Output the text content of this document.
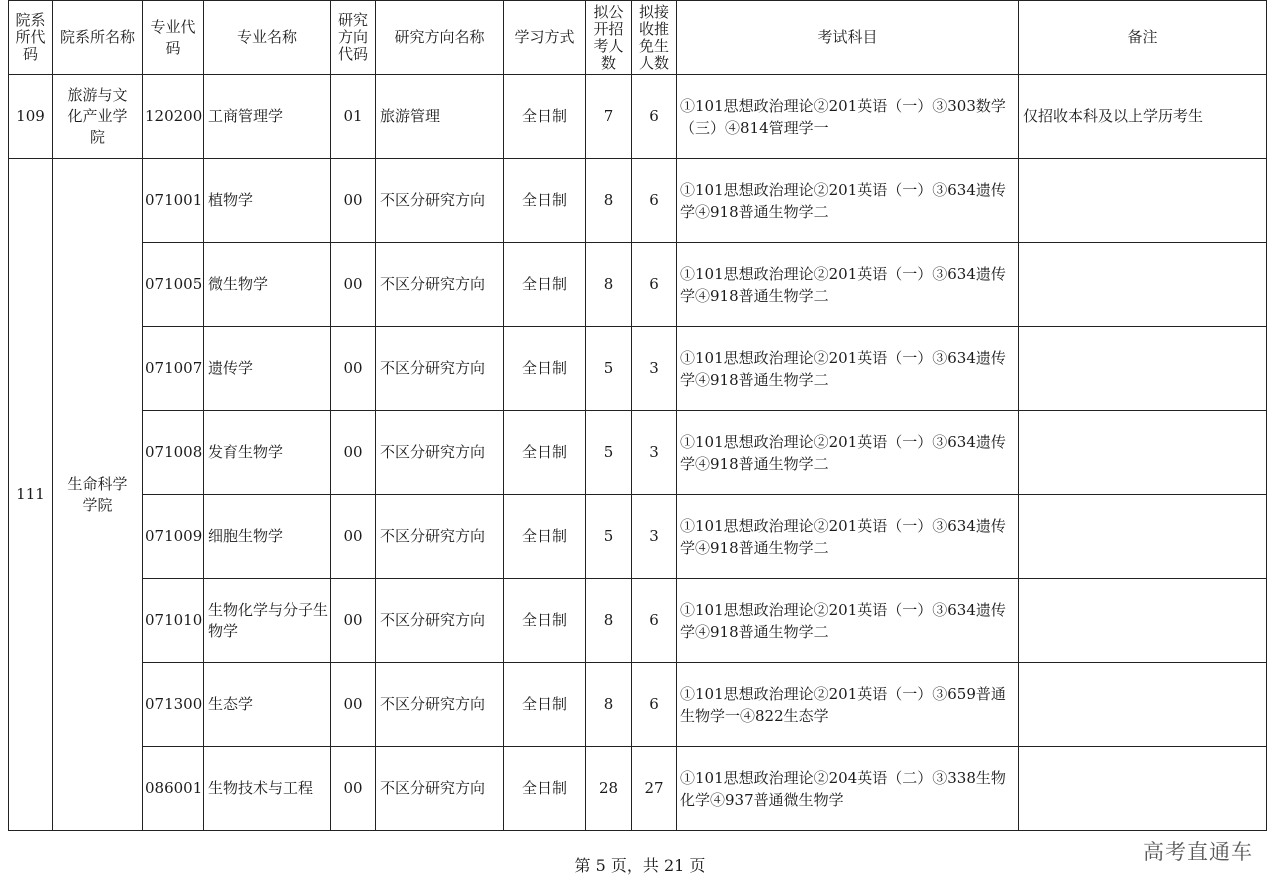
院系所代码	院系所名称	专业代码	专业名称	研究方向代码	研究方向名称	学习方式	拟公开招考人数	拟接收推免生人数	考试科目	备注
109	旅游与文化产业学院	120200	工商管理学	01	旅游管理	全日制	7	6	①101思想政治理论②201英语（一）③303数学（三）④814管理学一	仅招收本科及以上学历考生
111	生命科学学院	071001	植物学	00	不区分研究方向	全日制	8	6	①101思想政治理论②201英语（一）③634遗传学④918普通生物学二	
		071005	微生物学	00	不区分研究方向	全日制	8	6	①101思想政治理论②201英语（一）③634遗传学④918普通生物学二	
		071007	遗传学	00	不区分研究方向	全日制	5	3	①101思想政治理论②201英语（一）③634遗传学④918普通生物学二	
		071008	发育生物学	00	不区分研究方向	全日制	5	3	①101思想政治理论②201英语（一）③634遗传学④918普通生物学二	
		071009	细胞生物学	00	不区分研究方向	全日制	5	3	①101思想政治理论②201英语（一）③634遗传学④918普通生物学二	
		071010	生物化学与分子生物学	00	不区分研究方向	全日制	8	6	①101思想政治理论②201英语（一）③634遗传学④918普通生物学二	
		071300	生态学	00	不区分研究方向	全日制	8	6	①101思想政治理论②201英语（一）③659普通生物学一④822生态学	
		086001	生物技术与工程	00	不区分研究方向	全日制	28	27	①101思想政治理论②204英语（二）③338生物化学④937普通微生物学	
第 5 页，共 21 页
高考直通车
